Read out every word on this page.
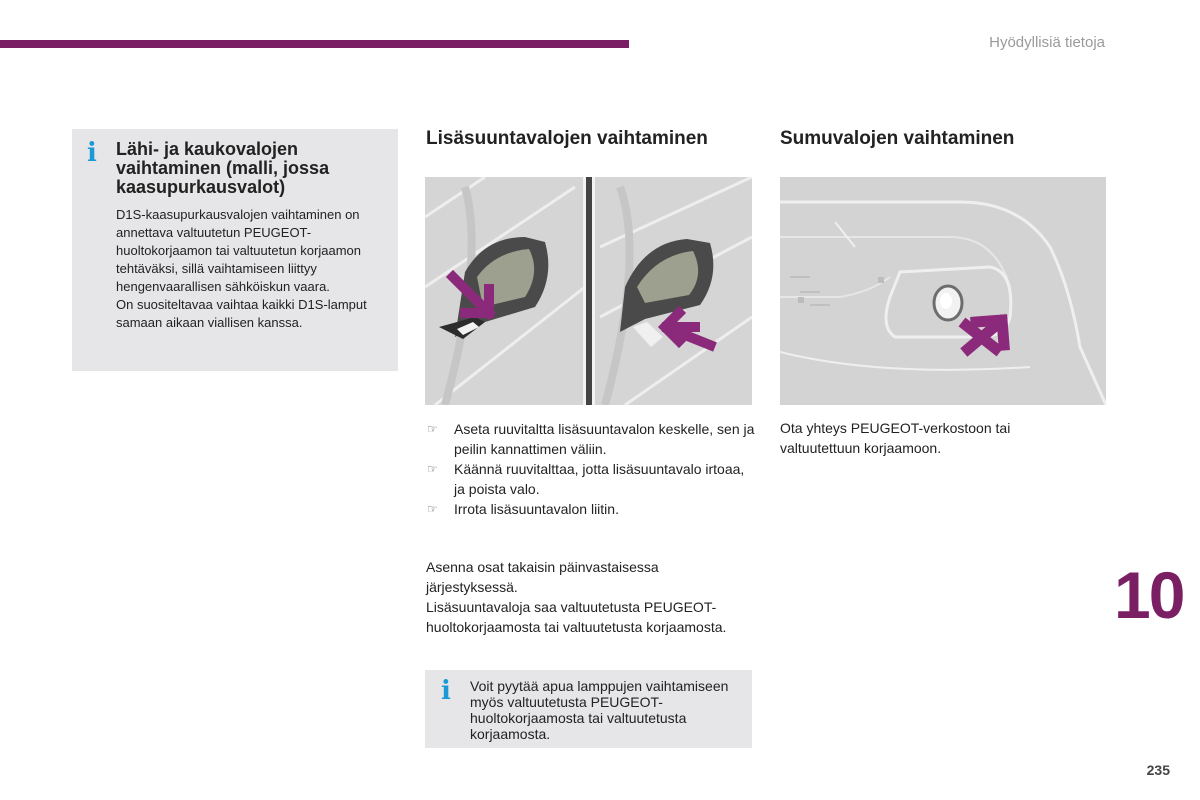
Hyödyllisiä tietoja
i Lähi- ja kaukovalojen vaihtaminen (malli, jossa kaasupurkausvalot)

D1S-kaasupurkausvalojen vaihtaminen on annettava valtuutetun PEUGEOT-huoltokorjaamon tai valtuutetun korjaamon tehtäväksi, sillä vaihtamiseen liittyy hengenvaarallisen sähköiskun vaara.

On suositeltavaa vaihtaa kaikki D1S-lamput samaan aikaan viallisen kanssa.

Lisäsuuntavalojen vaihtaminen
☞ Aseta ruuvitaltta lisäsuuntavalon keskelle, sen ja peilin kannattimen väliin.
☞ Käännä ruuvitalttaa, jotta lisäsuuntavalo irtoaa, ja poista valo.
☞ Irrota lisäsuuntavalon liitin.

Asenna osat takaisin päinvastaisessa järjestyksessä.

Lisäsuuntavaloja saa valtuutetusta PEUGEOT-huoltokorjaamosta tai valtuutetusta korjaamosta.

i Voit pyytää apua lamppujen vaihtamiseen myös valtuutetusta PEUGEOT-huoltokorjaamosta tai valtuutetusta korjaamosta.
Sumuvalojen vaihtaminen

Ota yhteys PEUGEOT-verkostoon tai valtuutettuun korjaamoon.

10
235
